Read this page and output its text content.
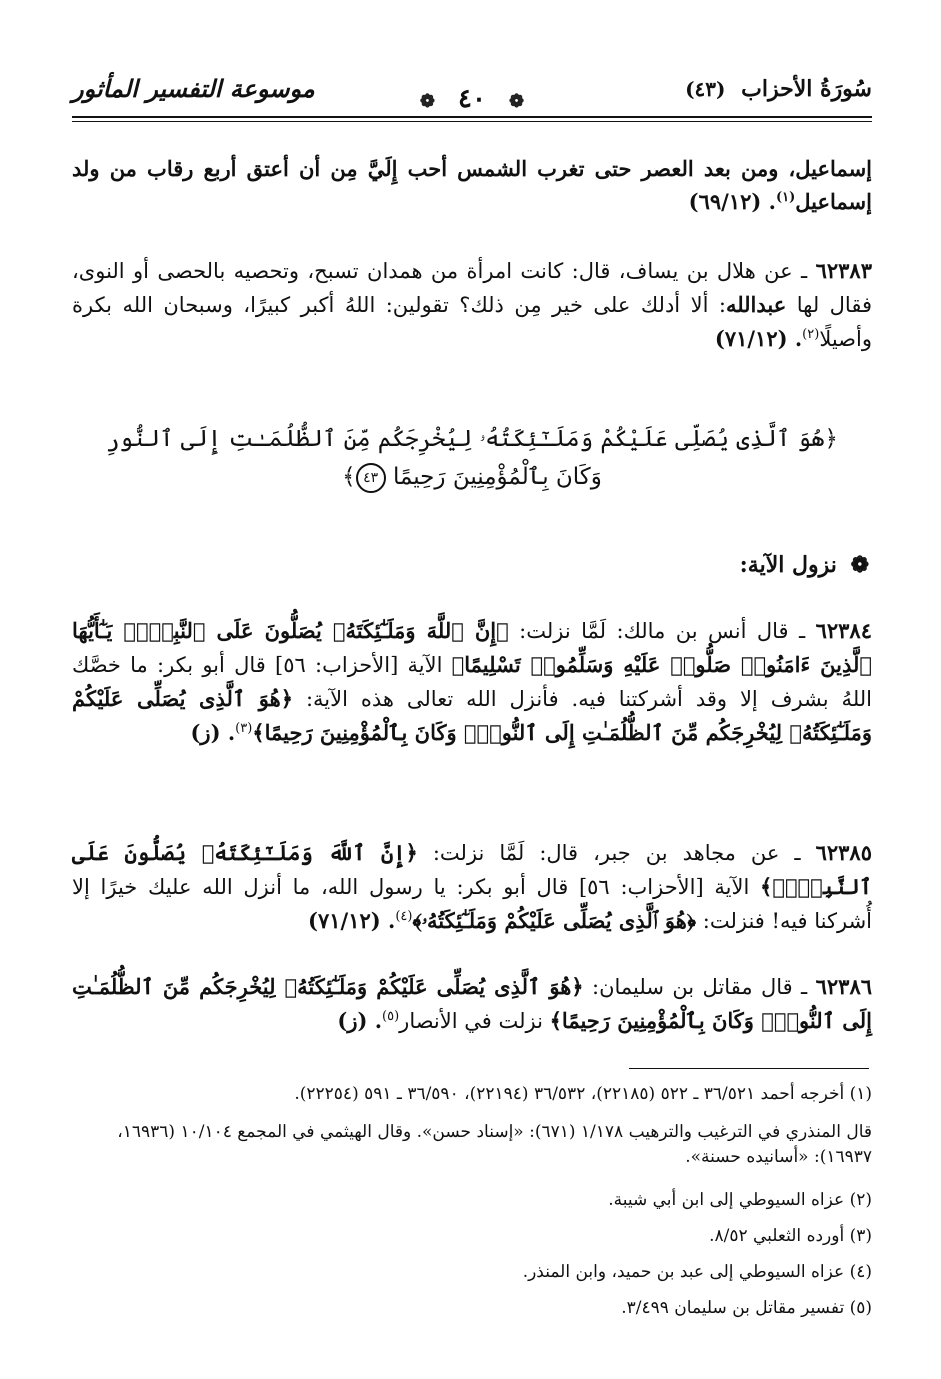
سُورَةُ الأحزاب (٤٣)
❁ ٤٠ ❁
موسوعة التفسير المأثور
إسماعيل، ومن بعد العصر حتى تغرب الشمس أحب إِلَيَّ مِن أن أعتق أربع رقاب من ولد إسماعيل$^{(١)}$. (٦٩/١٢)
٦٢٣٨٣ ـ عن هلال بن يساف، قال: كانت امرأة من همدان تسبح، وتحصيه بالحصى أو النوى، فقال لها عبدالله: ألا أدلك على خير مِن ذلك؟ تقولين: اللهُ أكبر كبيرًا، وسبحان الله بكرة وأصيلًا$^{(٢)}$. (٧١/١٢)
﴿هُوَ ٱلَّذِى يُصَلِّى عَلَيْكُمْ وَمَلَـٰٓئِكَتُهُۥ لِيُخْرِجَكُم مِّنَ ٱلظُّلُمَـٰتِ إِلَى ٱلنُّورِ
وَكَانَ بِٱلْمُؤْمِنِينَ رَحِيمًا ٤٣﴾
❁ نزول الآية:
٦٢٣٨٤ ـ قال أنس بن مالك: لَمَّا نزلت: ﴿إِنَّ ٱللَّهَ وَمَلَـٰٓئِكَتَهُۥ يُصَلُّونَ عَلَى ٱلنَّبِىِّۚ يَـٰٓأَيُّهَا ٱلَّذِينَ ءَامَنُوا۟ صَلُّوا۟ عَلَيْهِ وَسَلِّمُوا۟ تَسْلِيمًا﴾ الآية [الأحزاب: ٥٦] قال أبو بكر: ما خصَّك اللهُ بشرف إلا وقد أشركتنا فيه. فأنزل الله تعالى هذه الآية: ﴿هُوَ ٱلَّذِى يُصَلِّى عَلَيْكُمْ وَمَلَـٰٓئِكَتُهُۥ لِيُخْرِجَكُم مِّنَ ٱلظُّلُمَـٰتِ إِلَى ٱلنُّورِۚ وَكَانَ بِٱلْمُؤْمِنِينَ رَحِيمًا﴾$^{(٣)}$. (ز)
٦٢٣٨٥ ـ عن مجاهد بن جبر، قال: لَمَّا نزلت: ﴿إِنَّ ٱللَّهَ وَمَلَـٰٓئِكَتَهُۥ يُصَلُّونَ عَلَى ٱلنَّبِىِّۚ﴾ الآية [الأحزاب: ٥٦] قال أبو بكر: يا رسول الله، ما أنزل الله عليك خيرًا إلا أُشركنا فيه! فنزلت: ﴿هُوَ ٱلَّذِى يُصَلِّى عَلَيْكُمْ وَمَلَـٰٓئِكَتُهُۥ﴾$^{(٤)}$. (٧١/١٢)
٦٢٣٨٦ ـ قال مقاتل بن سليمان: ﴿هُوَ ٱلَّذِى يُصَلِّى عَلَيْكُمْ وَمَلَـٰٓئِكَتُهُۥ لِيُخْرِجَكُم مِّنَ ٱلظُّلُمَـٰتِ إِلَى ٱلنُّورِۚ وَكَانَ بِٱلْمُؤْمِنِينَ رَحِيمًا﴾ نزلت في الأنصار$^{(٥)}$. (ز)
(١) أخرجه أحمد ٣٦/٥٢١ ـ ٥٢٢ (٢٢١٨٥)، ٣٦/٥٣٢ (٢٢١٩٤)، ٣٦/٥٩٠ ـ ٥٩١ (٢٢٢٥٤).
قال المنذري في الترغيب والترهيب ١/١٧٨ (٦٧١): «إسناد حسن». وقال الهيثمي في المجمع ١٠/١٠٤ (١٦٩٣٦، ١٦٩٣٧): «أسانيده حسنة».
(٢) عزاه السيوطي إلى ابن أبي شيبة.
(٣) أورده الثعلبي ٨/٥٢.
(٤) عزاه السيوطي إلى عبد بن حميد، وابن المنذر.
(٥) تفسير مقاتل بن سليمان ٣/٤٩٩.
